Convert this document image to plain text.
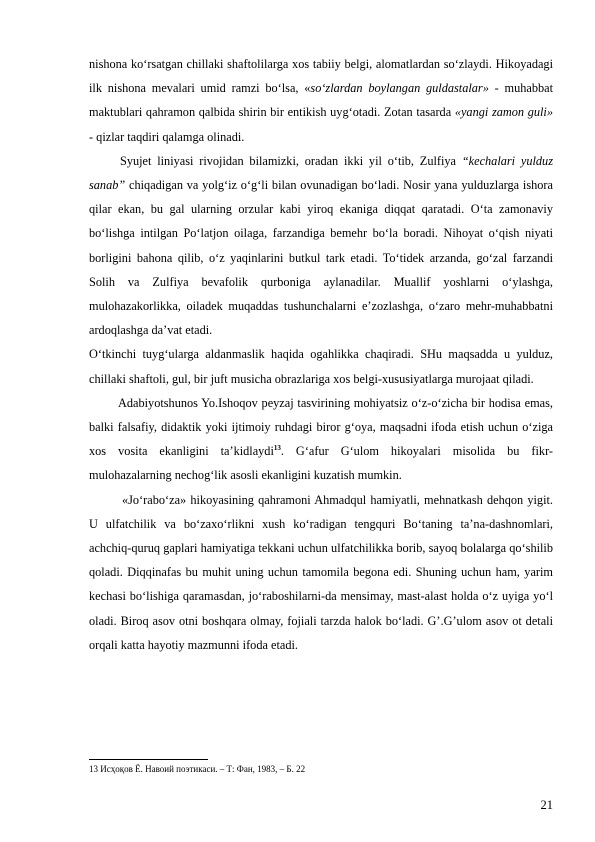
nishona ko‘rsatgan chillaki shaftolilarga xos tabiiy belgi, alomatlardan so‘zlaydi. Hikoyadagi ilk nishona mevalari umid ramzi bo‘lsa, «so‘zlardan boylangan guldastalar» - muhabbat maktublari qahramon qalbida shirin bir entikish uyg‘otadi. Zotan tasarda «yangi zamon guli» - qizlar taqdiri qalamga olinadi.

Syujet liniyasi rivojidan bilamizki, oradan ikki yil o‘tib, Zulfiya “kechalari yulduz sanab” chiqadigan va yolg‘iz o‘g‘li bilan ovunadigan bo‘ladi. Nosir yana yulduzlarga ishora qilar ekan, bu gal ularning orzular kabi yiroq ekaniga diqqat qaratadi. O‘ta zamonaviy bo‘lishga intilgan Po‘latjon oilaga, farzandiga bemehr bo‘la boradi. Nihoyat o‘qish niyati borligini bahona qilib, o‘z yaqinlarini butkul tark etadi. To‘tidek arzanda, go‘zal farzandi Solih va Zulfiya bevafolik qurboniga aylanadilar. Muallif yoshlarni o‘ylashga, mulohazakorlikka, oiladek muqaddas tushunchalarni e’zozlashga, o‘zaro mehr-muhabbatni ardoqlashga da’vat etadi.

O‘tkinchi tuyg‘ularga aldanmaslik haqida ogahlikka chaqiradi. SHu maqsadda u yulduz, chillaki shaftoli, gul, bir juft musicha obrazlariga xos belgi-xususiyatlarga murojaat qiladi.

Adabiyotshunos Yo.Ishoqov peyzaj tasvirining mohiyatsiz o‘z-o‘zicha bir hodisa emas, balki falsafiy, didaktik yoki ijtimoiy ruhdagi biror g‘oya, maqsadni ifoda etish uchun o‘ziga xos vosita ekanligini ta’kidlaydi$^{13}$. G‘afur G‘ulom hikoyalari misolida bu fikr-mulohazalarning nechog‘lik asosli ekanligini kuzatish mumkin.

«Jo‘rabo‘za» hikoyasining qahramoni Ahmadqul hamiyatli, mehnatkash dehqon yigit. U ulfatchilik va bo‘zaxo‘rlikni xush ko‘radigan tengquri Bo‘taning ta’na-dashnomlari, achchiq-quruq gaplari hamiyatiga tekkani uchun ulfatchilikka borib, sayoq bolalarga qo‘shilib qoladi. Diqqinafas bu muhit uning uchun tamomila begona edi. Shuning uchun ham, yarim kechasi bo‘lishiga qaramasdan, jo‘raboshilarni-da mensimay, mast-alast holda o‘z uyiga yo‘l oladi. Biroq asov otni boshqara olmay, fojiali tarzda halok bo‘ladi. G’.G’ulom asov ot detali orqali katta hayotiy mazmunni ifoda etadi.

13 Исҳоқов Ё. Навоий поэтикаси. – Т: Фан, 1983, – Б. 22
21
